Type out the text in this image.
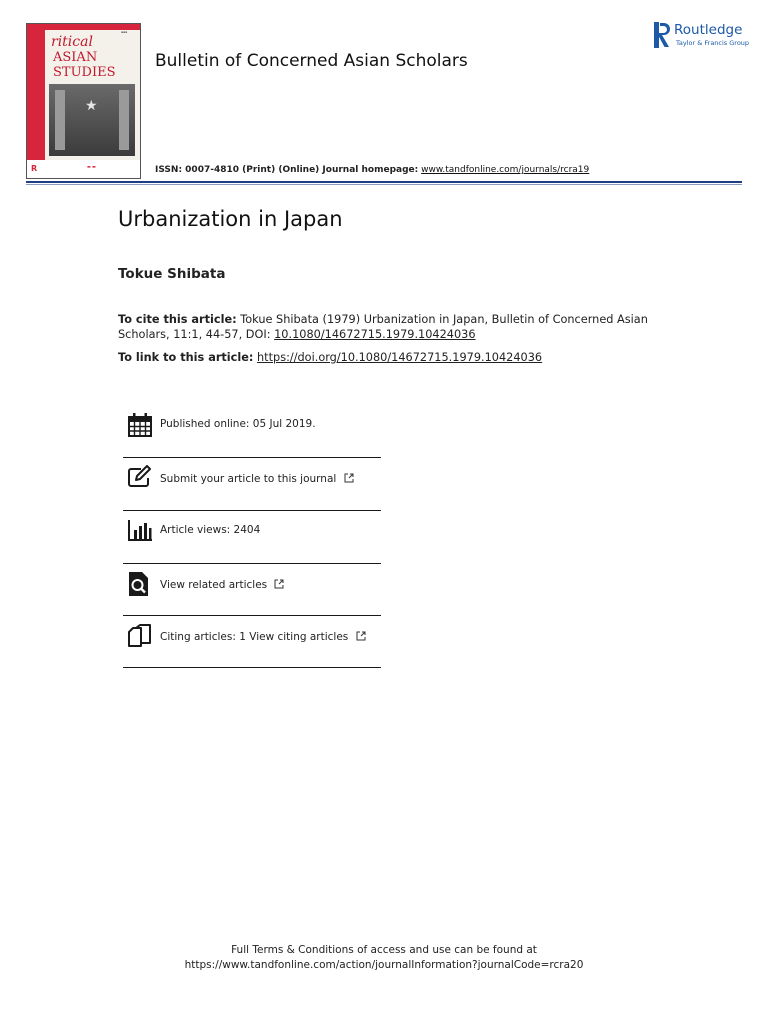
ritical
ASIAN
STUDIES
▪▪▪
★
R	▬ ▬
Bulletin of Concerned Asian Scholars
ISSN: 0007-4810 (Print) (Online) Journal homepage: www.tandfonline.com/journals/rcra19
Routledge
Taylor & Francis Group
Urbanization in Japan
Tokue Shibata
To cite this article: Tokue Shibata (1979) Urbanization in Japan, Bulletin of Concerned Asian Scholars, 11:1, 44-57, DOI: 10.1080/14672715.1979.10424036
To link to this article: https://doi.org/10.1080/14672715.1979.10424036
Published online: 05 Jul 2019.
Submit your article to this journal
Article views: 2404
View related articles
Citing articles: 1 View citing articles
Full Terms & Conditions of access and use can be found at
https://www.tandfonline.com/action/journalInformation?journalCode=rcra20
